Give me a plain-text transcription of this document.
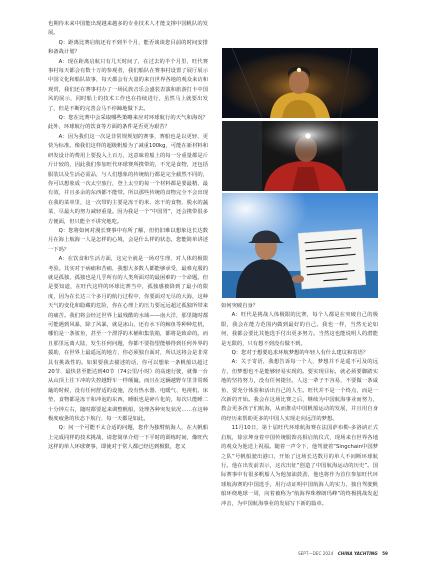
也期待未来中国能出现越来越多的专业技术人才能支撑中国帆队的发展。

Q：距离比赛启航还有不到半个月，能否谈谈您目前的时间安排和备战计划？

A：现在距离启航只有几天时间了，在过去的半个月里，旺代赛事村每天都会有数十万的参观者，我们船队在赛事村设置了展厅展示中国文化和船队故事，每天都会有大量的来自世界各地的观众来访和观赏，我们还在赛事村办了一场民族音乐会盛装表演和旅游打卡中国风的展示，同时船上的技术工作也在持续进行，虽然马上就要出发了，但是不断的完善会马不停蹄地做下去。

Q：您在比赛中会采取哪些策略来应对环球航行的天气和海况？此外，环球航行的饮食等方面的条件是否更为艰苦？

A：因为我们这一次是非常规规划的赛事，赛船也是以更轻、更快为标准。像我们这样的超级帆船为了减重100kg，可能在新材料和研发设计的费用上要投入上百万，这意味着船上的每一分重量都是斤斤计较的，因此我们参加旺代环球赛所携带的，不光是食物，还包括服装以及生活必需品，与人们想象的传统航行都是完全截然不同的，你可以想象成一次太空旅行，登上太空的每一个材料都是要最精、最有效，并且多余的东西都不能带。所以那些传统的食物完全不会出现在我的菜单里，这一次带的主要是冻干的米、冻干的食物、脱水的蔬菜，尽最大的努力减轻重量。因为我是一个“中国胃”，还会携带很多方便面，但只能全不讲究地吃。

Q：您将如何对漫长赛事中有所了解，但仍旧难以想象这长达数月在海上航海一人是怎样的心境，会是什么样的状态，您能简单讲述一下吗？

A：在饮食和生活方面，这完全就是一场对生理、对人体的极限考验。其实对于病痛和苦痛，我想大多数人都能够承受，最难克服的就是孤独，孤独也是几乎所有的人类所面对的最困难的一个命题。但是要知道，在旺代这样的环球比赛当中，孤独感被降到了最小的限度，因为在长达三个多月的航行过程中，你要面对无尽的大海，这种天气的变化和隐藏的危险，你在心理上的压力要远远超过孤独所带来的痛苦。我们将会经过世界上最残酷的水域——南大洋，那里随时都可能遇到风暴，除了风暴，就是冰山，还有水下的鲸鱼等种种危机，哪怕是一条鲨鱼，甚至一个漂浮的木桶和集装箱，都将是致命的。而且那里远离大陆，发生任何问题，你都不要指望能够得到任何外界的援助，在世界上最遥远的地方，你必须独自面对，所以这将会是非常具有挑战性的。如果要我去描述的话，你可以想象一条帆船以超过20节、最快甚至能达到40节（74公里/小时）的高速行驶，就像一台从山顶上往下冲的失控越野车一样颠簸。而且在这辆越野车里非常颠簸的时候，没有任何舒适的设施，没有热水器、电暖气、电视机、床垫，食物都是冻干和冲泡的东西，睡眠也是碎片化的，每次只能睡二十分钟左右，随时都要起来调整帆船，处理各种突发状况……在这种极度疲惫的状态下航行，每一天都是如此。

Q：问一个可能不太合适的问题，您作为独臂航海人，在大帆船上完成同样的技术挑战，请您简单介绍一下平时的训练时间，像旺代这样的单人环球赛事，即使对于常人都已经达到极限，您又

如何突破自身？

A：旺代是挑战人体极限的比赛，每个人都是在突破自己的极限，我会在能力范围内做到最好的自己。我也一样，当然无论如何，我都会要比其他选手付出更多努力。当然这也能说明人的潜能是无限的，只有想不到没有做不到。

Q：您对于想要追求环航梦想的年轻人有什么建议和寄语？

A：关于寄语，我想告诉每一个人，梦想并不是遥不可及的远方，但梦想也不是能够轻易实现的。要实现目标，就必须要脚踏实地的坚持努力，没有任何捷径。人这一辈子不容易，不要做一条咸鱼，要充分体验和活出自己的人生。旺代并不是一个终点，而是一次新的开始。我会在这场比赛之后，继续为中国航海事业而努力，教会更多孩子们航海，从而推动中国帆船运动的发展，并且用自身的经历来帮助更多的中国人实现走向远洋的梦想。

11月10日，第十届旺代环球航海赛在法国萨布勒-多洛讷正式启航，徐京坤身着中国传统服饰亮相启航仪式，现场来自世界各地的观众为他送上祝福。随着一声令下，他驾驶着“Singchain中国梦之队”号帆船驶出港口，开始了这场长达数月的单人不间断环球航行。他在出发前表示，这次出征“创造了中国航海运动的历史”。国际赛事中有很多帆船人为他加油鼓劲，他也将作为首位参加旺代环球航海赛的中国选手，用行动证明中国航海人的实力，独自驾驶帆船环绕地球一周，向着被称为“航海界珠穆朗玛峰”的终极挑战发起冲击，为中国航海事业的发展写下新的篇章。

SEPT—DEC 2024 CHINA YACHTING 59
